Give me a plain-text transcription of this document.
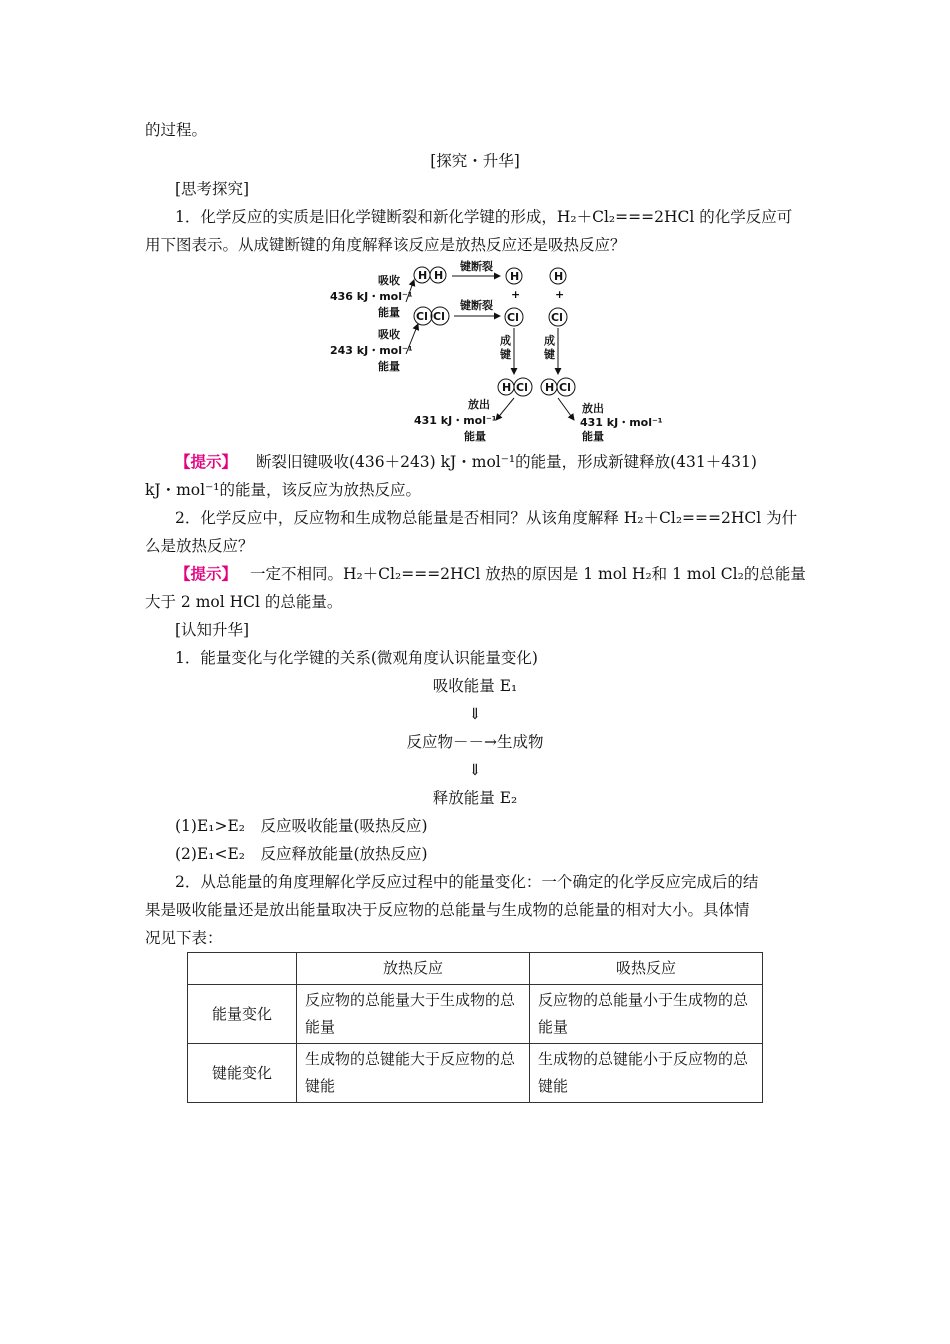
的过程。
[探究・升华]
[思考探究]
1．化学反应的实质是旧化学键断裂和新化学键的形成，H₂＋Cl₂===2HCl 的化学反应可
用下图表示。从成键断键的角度解释该反应是放热反应还是吸热反应？
【提示】 断裂旧键吸收(436＋243) kJ・mol⁻¹的能量，形成新键释放(431＋431)
kJ・mol⁻¹的能量，该反应为放热反应。
2．化学反应中，反应物和生成物总能量是否相同？从该角度解释 H₂＋Cl₂===2HCl 为什
么是放热反应？
【提示】 一定不相同。H₂＋Cl₂===2HCl 放热的原因是 1 mol H₂和 1 mol Cl₂的总能量
大于 2 mol HCl 的总能量。
[认知升华]
1．能量变化与化学键的关系(微观角度认识能量变化)
吸收能量 E₁
⇓
反应物－－→生成物
⇓
释放能量 E₂
(1)E₁>E₂　反应吸收能量(吸热反应)
(2)E₁<E₂　反应释放能量(放热反应)
2．从总能量的角度理解化学反应过程中的能量变化：一个确定的化学反应完成后的结
果是吸收能量还是放出能量取决于反应物的总能量与生成物的总能量的相对大小。具体情
况见下表：
吸收
436 kJ・mol⁻¹
能量
吸收
243 kJ・mol⁻¹
能量
H H
Cl Cl
键断裂
键断裂
H
+
Cl
H
+
Cl
成
键
成
键
H Cl H Cl
放出
431 kJ・mol⁻¹
能量
放出
431 kJ・mol⁻¹
能量
	放热反应	吸热反应
能量变化	反应物的总能量大于生成物的总能量	反应物的总能量小于生成物的总能量
键能变化	生成物的总键能大于反应物的总键能	生成物的总键能小于反应物的总键能
